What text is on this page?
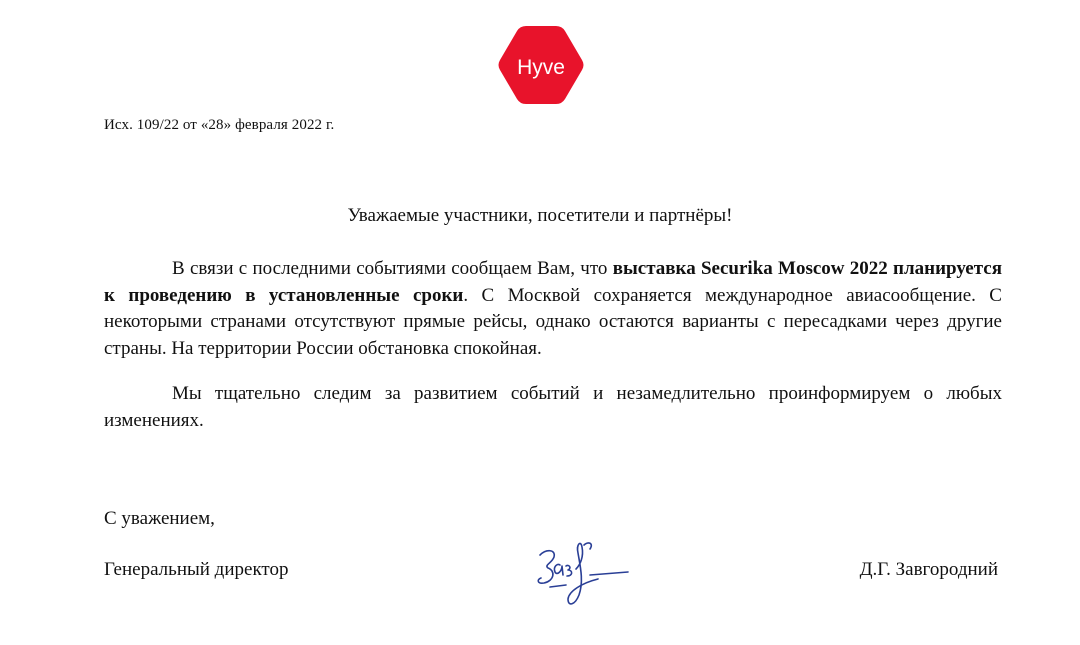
Hyve
Исх. 109/22 от «28» февраля 2022 г.
Уважаемые участники, посетители и партнёры!

В связи с последними событиями сообщаем Вам, что выставка Securika Moscow 2022 планируется к проведению в установленные сроки. С Москвой сохраняется международное авиасообщение. С некоторыми странами отсутствуют прямые рейсы, однако остаются варианты с пересадками через другие страны. На территории России обстановка спокойная.

Мы тщательно следим за развитием событий и незамедлительно проинформируем о любых изменениях.

С уважением,
Генеральный директор	Д.Г. Завгородний
